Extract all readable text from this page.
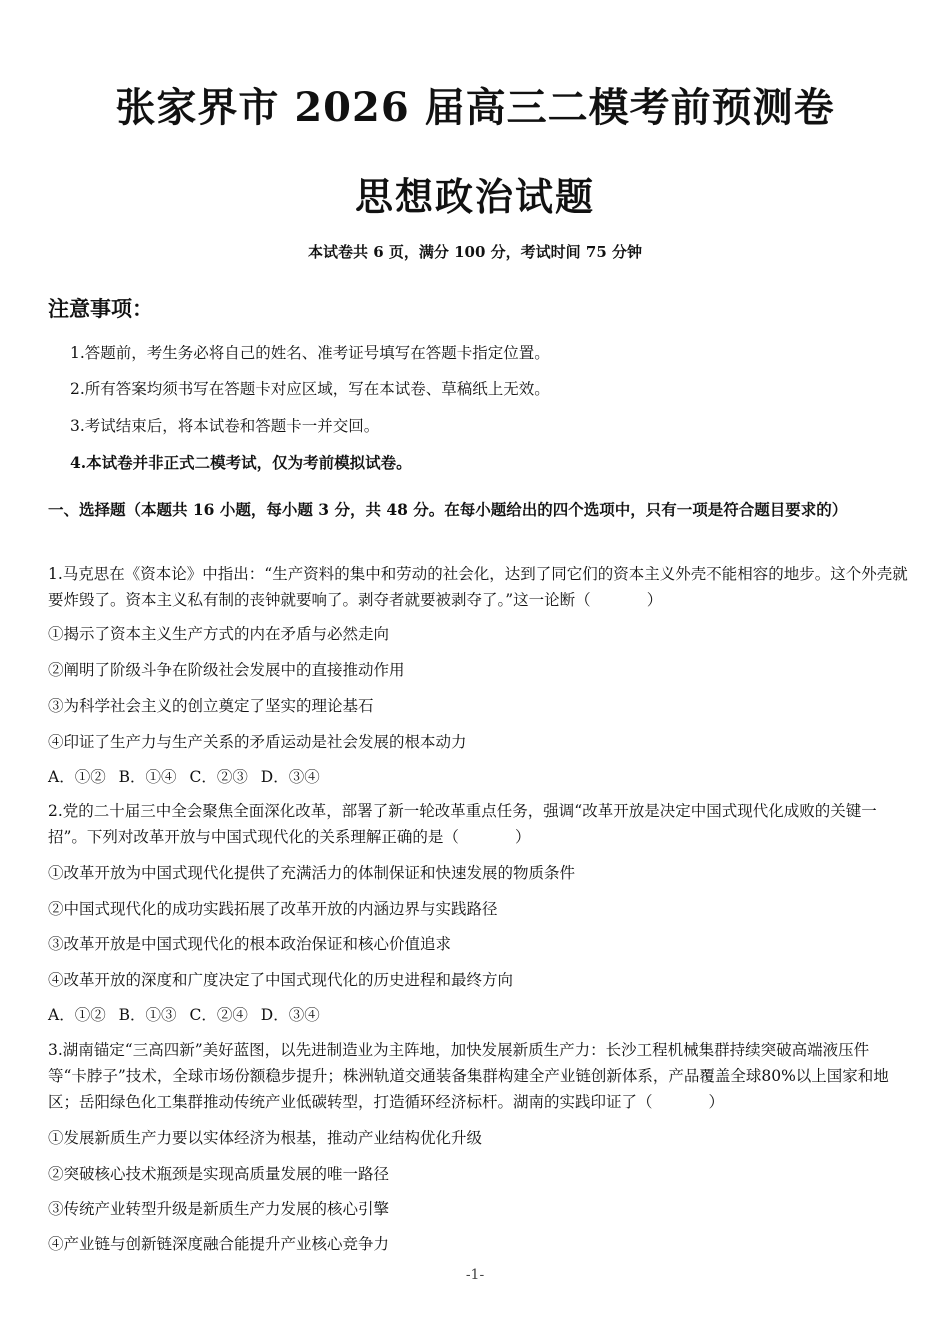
张家界市 2026 届高三二模考前预测卷
思想政治试题
本试卷共 6 页，满分 100 分，考试时间 75 分钟
注意事项：
1.答题前，考生务必将自己的姓名、准考证号填写在答题卡指定位置。
2.所有答案均须书写在答题卡对应区域，写在本试卷、草稿纸上无效。
3.考试结束后，将本试卷和答题卡一并交回。
4.本试卷并非正式二模考试，仅为考前模拟试卷。
一、选择题（本题共 16 小题，每小题 3 分，共 48 分。在每小题给出的四个选项中，只有一项是符合题目要求的）
1.马克思在《资本论》中指出：“生产资料的集中和劳动的社会化，达到了同它们的资本主义外壳不能相容的地步。这个外壳就要炸毁了。资本主义私有制的丧钟就要响了。剥夺者就要被剥夺了。”这一论断（	）
①揭示了资本主义生产方式的内在矛盾与必然走向
②阐明了阶级斗争在阶级社会发展中的直接推动作用
③为科学社会主义的创立奠定了坚实的理论基石
④印证了生产力与生产关系的矛盾运动是社会发展的根本动力
A．①② B．①④ C．②③ D．③④
2.党的二十届三中全会聚焦全面深化改革，部署了新一轮改革重点任务，强调“改革开放是决定中国式现代化成败的关键一招”。下列对改革开放与中国式现代化的关系理解正确的是（	）
①改革开放为中国式现代化提供了充满活力的体制保证和快速发展的物质条件
②中国式现代化的成功实践拓展了改革开放的内涵边界与实践路径
③改革开放是中国式现代化的根本政治保证和核心价值追求
④改革开放的深度和广度决定了中国式现代化的历史进程和最终方向
A．①② B．①③ C．②④ D．③④
3.湖南锚定“三高四新”美好蓝图，以先进制造业为主阵地，加快发展新质生产力：长沙工程机械集群持续突破高端液压件等“卡脖子”技术，全球市场份额稳步提升；株洲轨道交通装备集群构建全产业链创新体系，产品覆盖全球80%以上国家和地区；岳阳绿色化工集群推动传统产业低碳转型，打造循环经济标杆。湖南的实践印证了（	）
①发展新质生产力要以实体经济为根基，推动产业结构优化升级
②突破核心技术瓶颈是实现高质量发展的唯一路径
③传统产业转型升级是新质生产力发展的核心引擎
④产业链与创新链深度融合能提升产业核心竞争力
-1-
